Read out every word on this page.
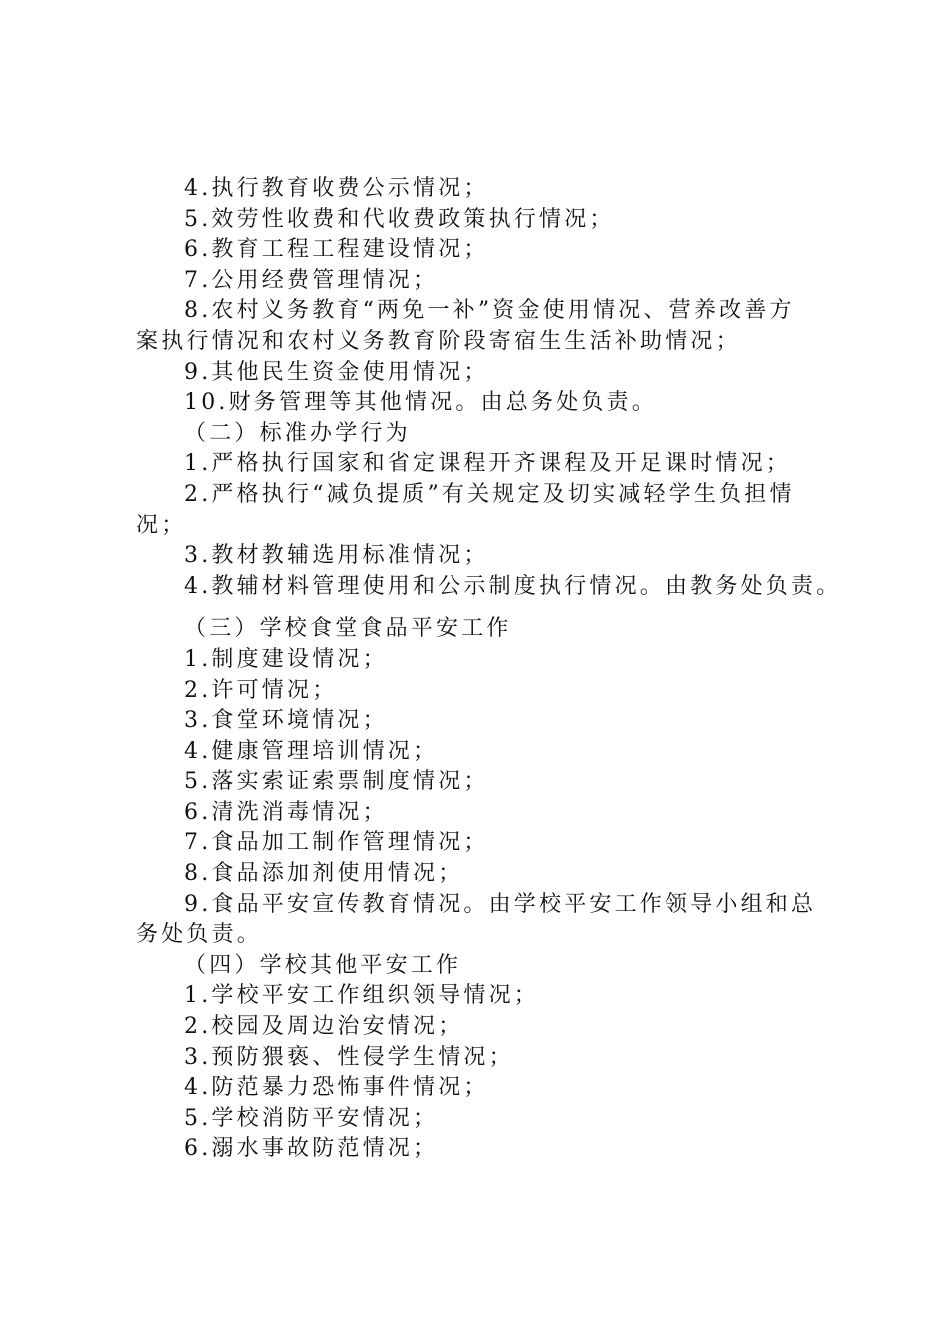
4.执行教育收费公示情况；
5.效劳性收费和代收费政策执行情况；
6.教育工程工程建设情况；
7.公用经费管理情况；
8.农村义务教育“两免一补”资金使用情况、营养改善方
案执行情况和农村义务教育阶段寄宿生生活补助情况；
9.其他民生资金使用情况；
10.财务管理等其他情况。由总务处负责。
（二）标准办学行为
1.严格执行国家和省定课程开齐课程及开足课时情况；
2.严格执行“减负提质”有关规定及切实减轻学生负担情
况；
3.教材教辅选用标准情况；
4.教辅材料管理使用和公示制度执行情况。由教务处负责。
（三）学校食堂食品平安工作
1.制度建设情况；
2.许可情况；
3.食堂环境情况；
4.健康管理培训情况；
5.落实索证索票制度情况；
6.清洗消毒情况；
7.食品加工制作管理情况；
8.食品添加剂使用情况；
9.食品平安宣传教育情况。由学校平安工作领导小组和总
务处负责。
（四）学校其他平安工作
1.学校平安工作组织领导情况；
2.校园及周边治安情况；
3.预防猥亵、性侵学生情况；
4.防范暴力恐怖事件情况；
5.学校消防平安情况；
6.溺水事故防范情况；
